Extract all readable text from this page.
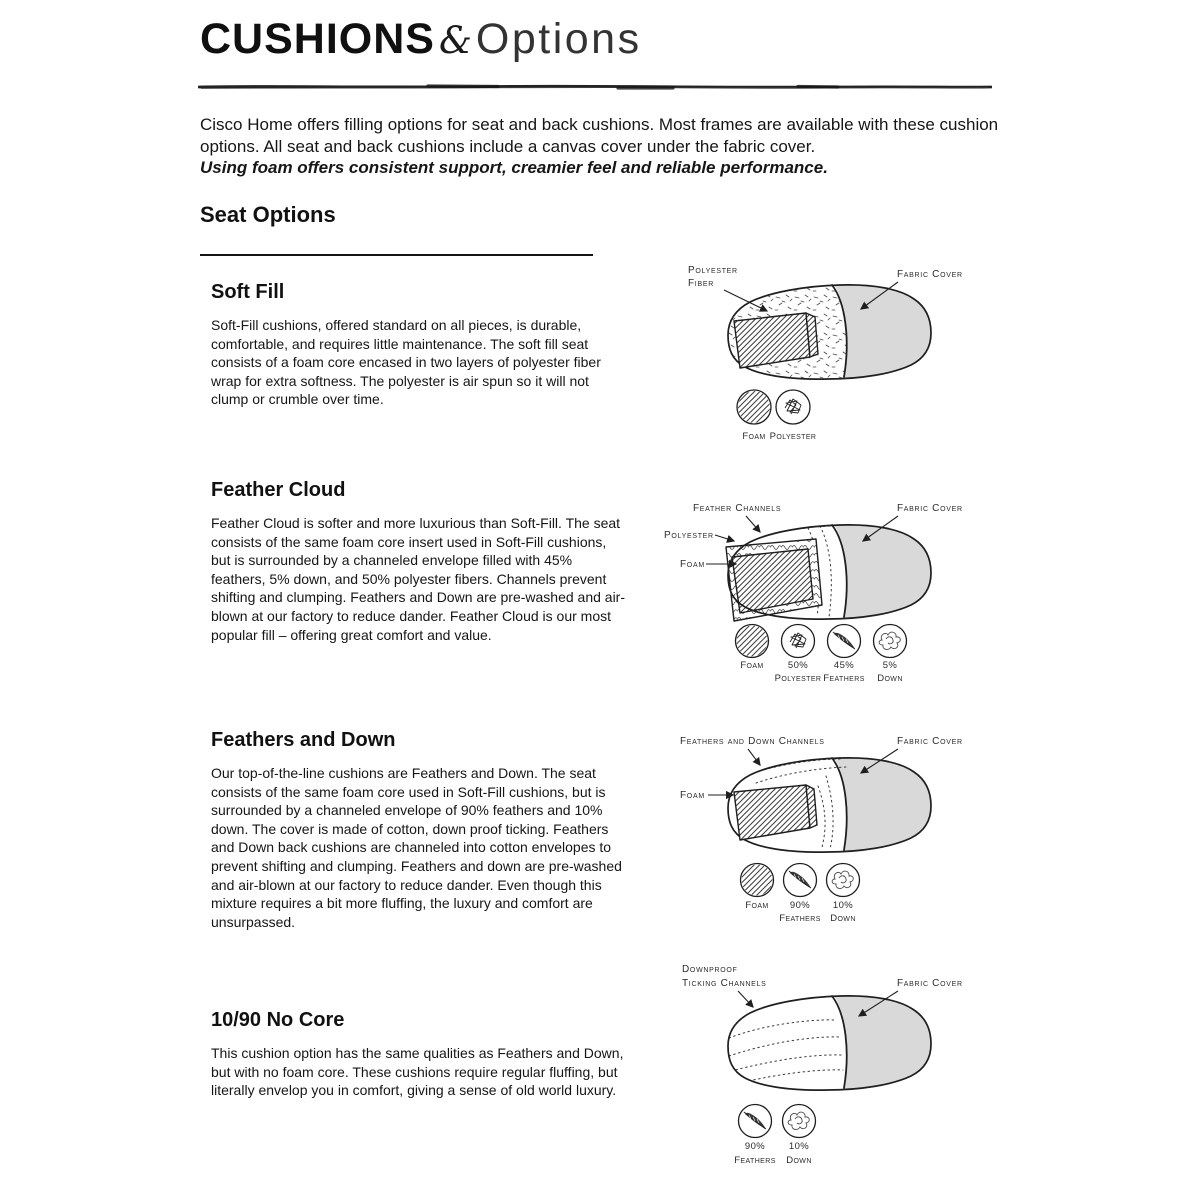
CUSHIONS &Options

Cisco Home offers filling options for seat and back cushions. Most frames are available with these cushion options. All seat and back cushions include a canvas cover under the fabric cover.

Using foam offers consistent support, creamier feel and reliable performance.

Seat Options
Soft Fill

Soft-Fill cushions, offered standard on all pieces, is durable, comfortable, and requires little maintenance. The soft fill seat consists of a foam core encased in two layers of polyester fiber wrap for extra softness. The polyester is air spun so it will not clump or crumble over time.

Feather Cloud

Feather Cloud is softer and more luxurious than Soft-Fill. The seat consists of the same foam core insert used in Soft-Fill cushions, but is surrounded by a channeled envelope filled with 45% feathers, 5% down, and 50% polyester fibers. Channels prevent shifting and clumping. Feathers and Down are pre-washed and air-blown at our factory to reduce dander. Feather Cloud is our most popular fill – offering great comfort and value.

Feathers and Down

Our top-of-the-line cushions are Feathers and Down. The seat consists of the same foam core used in Soft-Fill cushions, but is surrounded by a channeled envelope of 90% feathers and 10% down. The cover is made of cotton, down proof ticking. Feathers and Down back cushions are channeled into cotton envelopes to prevent shifting and clumping. Feathers and down are pre-washed and air-blown at our factory to reduce dander. Even though this mixture requires a bit more fluffing, the luxury and comfort are unsurpassed.

10/90 No Core

This cushion option has the same qualities as Feathers and Down, but with no foam core. These cushions require regular fluffing, but literally envelop you in comfort, giving a sense of old world luxury.

Polyester
Fiber
Fabric Cover
Foam Polyester
Feather Channels	Fabric Cover
Polyester
Foam
Foam	50%
Polyester
45%
Feathers
5%
Down
Feathers and Down Channels	Fabric Cover
Foam
Foam 90%
Feathers
10%
Down
Downproof
Ticking Channels	Fabric Cover
90%
Feathers
10%
Down
